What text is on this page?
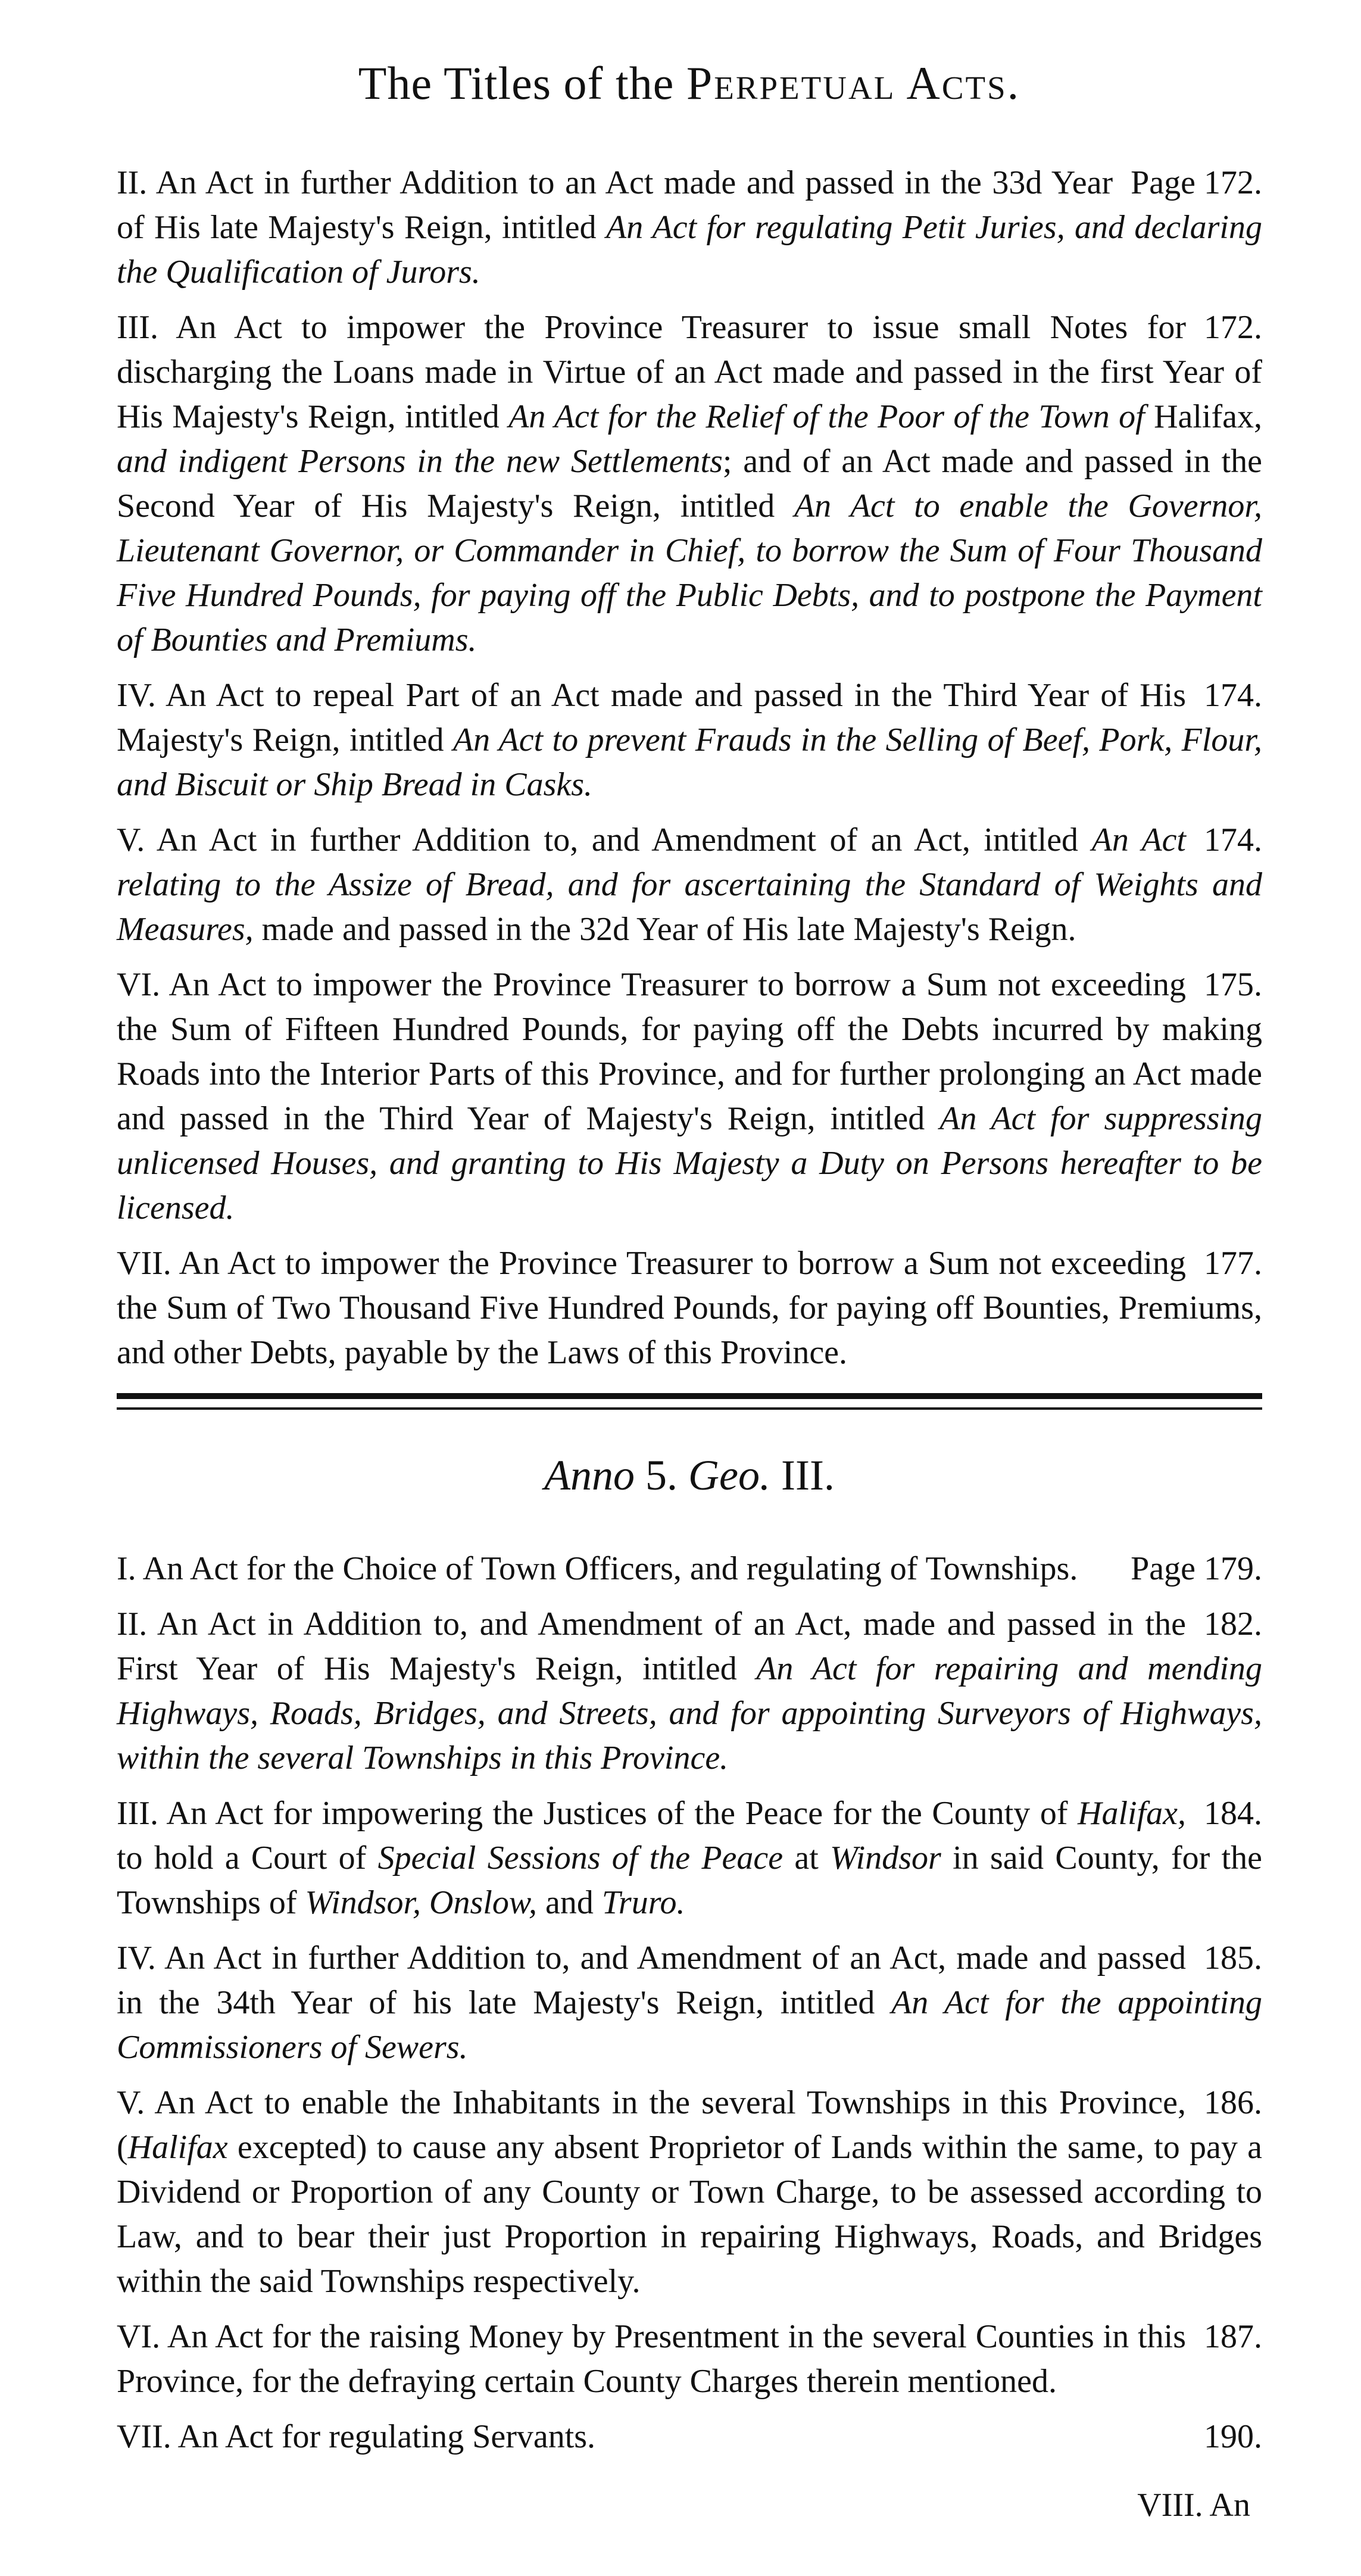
The Titles of the Perpetual Acts.

Page 172.
II. An Act in further Addition to an Act made and passed in the 33d Year of His late Majesty's Reign, intitled An Act for regulating Petit Juries, and declaring the Qualification of Jurors.

172.
III. An Act to impower the Province Treasurer to issue small Notes for discharging the Loans made in Virtue of an Act made and passed in the first Year of His Majesty's Reign, intitled An Act for the Relief of the Poor of the Town of Halifax, and indigent Persons in the new Settlements; and of an Act made and passed in the Second Year of His Majesty's Reign, intitled An Act to enable the Governor, Lieutenant Governor, or Commander in Chief, to borrow the Sum of Four Thousand Five Hundred Pounds, for paying off the Public Debts, and to postpone the Payment of Bounties and Premiums.

174.
IV. An Act to repeal Part of an Act made and passed in the Third Year of His Majesty's Reign, intitled An Act to prevent Frauds in the Selling of Beef, Pork, Flour, and Biscuit or Ship Bread in Casks.

174.
V. An Act in further Addition to, and Amendment of an Act, intitled An Act relating to the Assize of Bread, and for ascertaining the Standard of Weights and Measures, made and passed in the 32d Year of His late Majesty's Reign.

175.
VI. An Act to impower the Province Treasurer to borrow a Sum not exceeding the Sum of Fifteen Hundred Pounds, for paying off the Debts incurred by making Roads into the Interior Parts of this Province, and for further prolonging an Act made and passed in the Third Year of Majesty's Reign, intitled An Act for suppressing unlicensed Houses, and granting to His Majesty a Duty on Persons hereafter to be licensed.

177.
VII. An Act to impower the Province Treasurer to borrow a Sum not exceeding the Sum of Two Thousand Five Hundred Pounds, for paying off Bounties, Premiums, and other Debts, payable by the Laws of this Province.

Anno 5. Geo. III.

Page 179.
I. An Act for the Choice of Town Officers, and regulating of Townships.

182.
II. An Act in Addition to, and Amendment of an Act, made and passed in the First Year of His Majesty's Reign, intitled An Act for repairing and mending Highways, Roads, Bridges, and Streets, and for appointing Surveyors of Highways, within the several Townships in this Province.

184.
III. An Act for impowering the Justices of the Peace for the County of Halifax, to hold a Court of Special Sessions of the Peace at Windsor in said County, for the Townships of Windsor, Onslow, and Truro.

185.
IV. An Act in further Addition to, and Amendment of an Act, made and passed in the 34th Year of his late Majesty's Reign, intitled An Act for the appointing Commissioners of Sewers.

186.
V. An Act to enable the Inhabitants in the several Townships in this Province, (Halifax excepted) to cause any absent Proprietor of Lands within the same, to pay a Dividend or Proportion of any County or Town Charge, to be assessed according to Law, and to bear their just Proportion in repairing Highways, Roads, and Bridges within the said Townships respectively.

187.
VI. An Act for the raising Money by Presentment in the several Counties in this Province, for the defraying certain County Charges therein mentioned.

190.
VII. An Act for regulating Servants.

VIII. An
